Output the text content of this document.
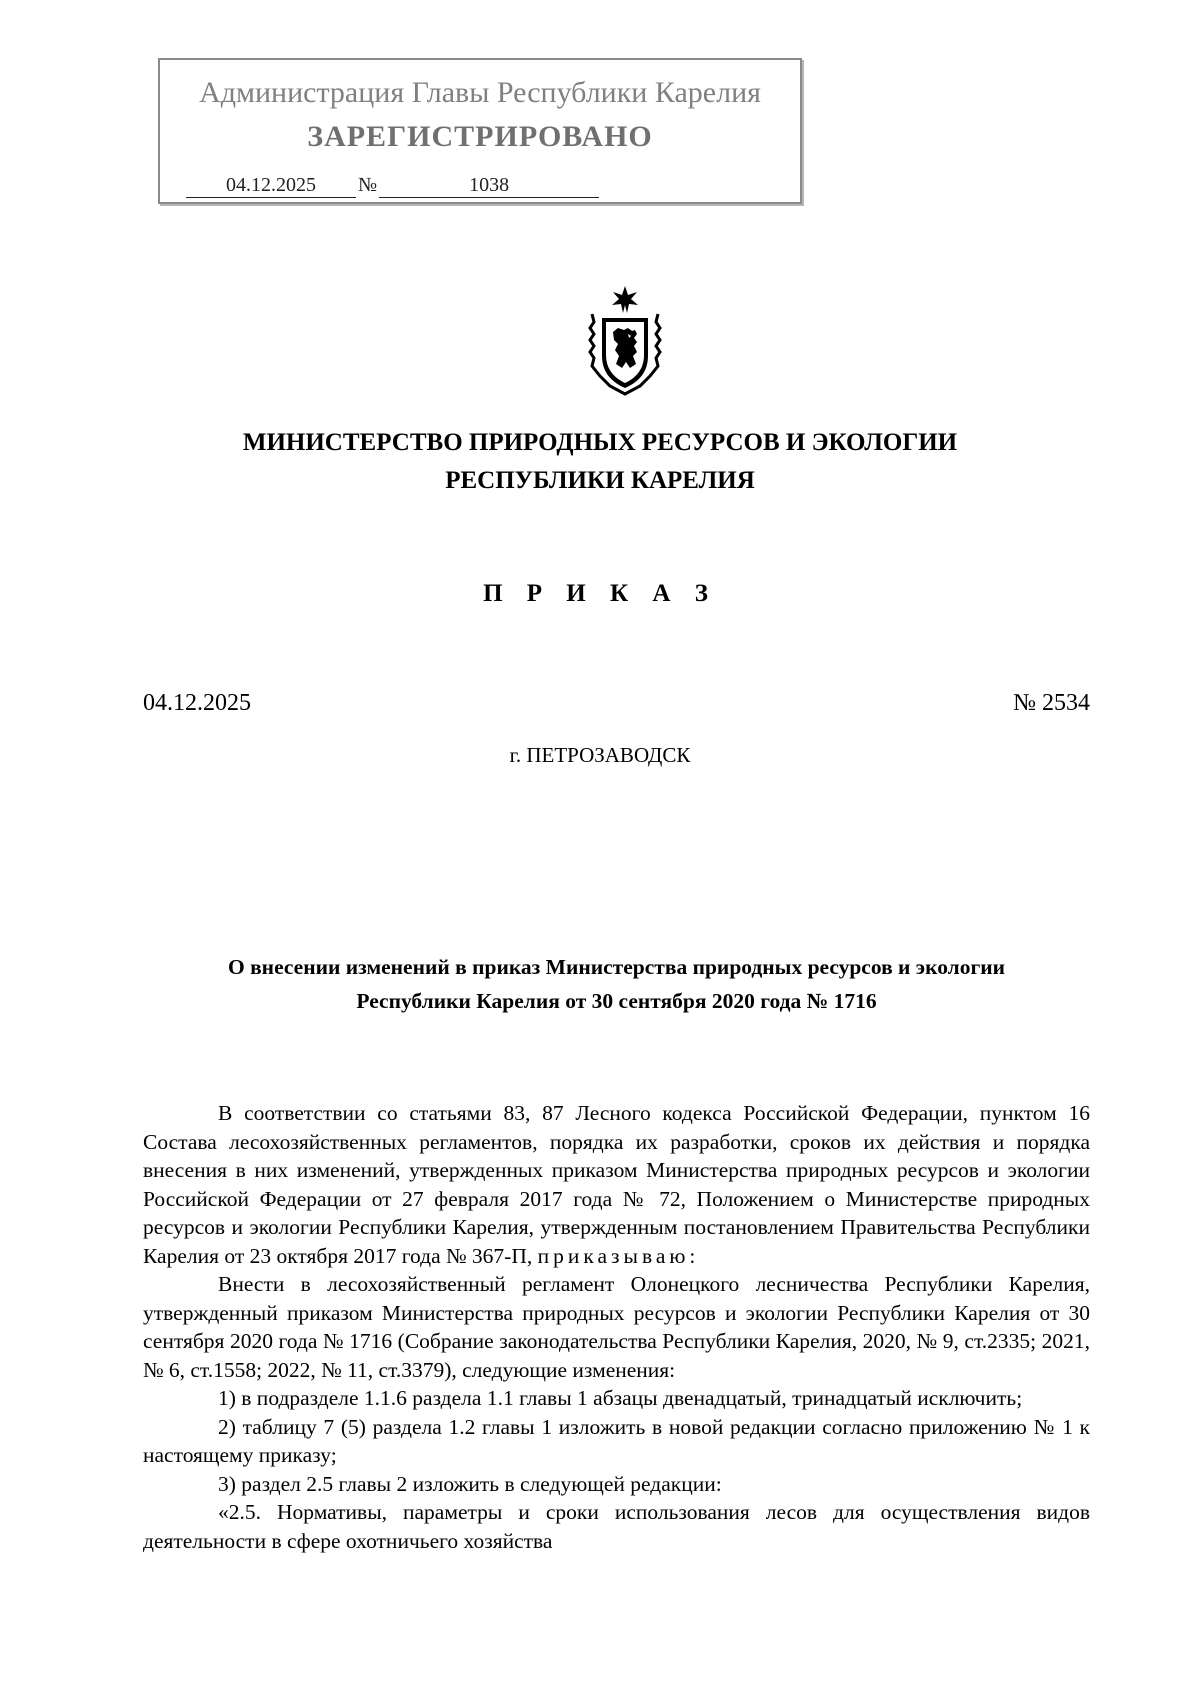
Администрация Главы Республики Карелия
ЗАРЕГИСТРИРОВАНО
04.12.2025 №	1038
МИНИСТЕРСТВО ПРИРОДНЫХ РЕСУРСОВ И ЭКОЛОГИИ
РЕСПУБЛИКИ КАРЕЛИЯ
П Р И К А З
04.12.2025	№ 2534
г. ПЕТРОЗАВОДСК
О внесении изменений в приказ Министерства природных ресурсов и экологии
Республики Карелия от 30 сентября 2020 года № 1716

В соответствии со статьями 83, 87 Лесного кодекса Российской Федерации, пунктом 16 Состава лесохозяйственных регламентов, порядка их разработки, сроков их действия и порядка внесения в них изменений, утвержденных приказом Министерства природных ресурсов и экологии Российской Федерации от 27 февраля 2017 года № 72, Положением о Министерстве природных ресурсов и экологии Республики Карелия, утвержденным постановлением Правительства Республики Карелия от 23 октября 2017 года № 367-П, приказываю:

Внести в лесохозяйственный регламент Олонецкого лесничества Республики Карелия, утвержденный приказом Министерства природных ресурсов и экологии Республики Карелия от 30 сентября 2020 года № 1716 (Собрание законодательства Республики Карелия, 2020, № 9, ст.2335; 2021, № 6, ст.1558; 2022, № 11, ст.3379), следующие изменения:

1) в подразделе 1.1.6 раздела 1.1 главы 1 абзацы двенадцатый, тринадцатый исключить;

2) таблицу 7 (5) раздела 1.2 главы 1 изложить в новой редакции согласно приложению № 1 к настоящему приказу;

3) раздел 2.5 главы 2 изложить в следующей редакции:

«2.5. Нормативы, параметры и сроки использования лесов для осуществления видов деятельности в сфере охотничьего хозяйства
